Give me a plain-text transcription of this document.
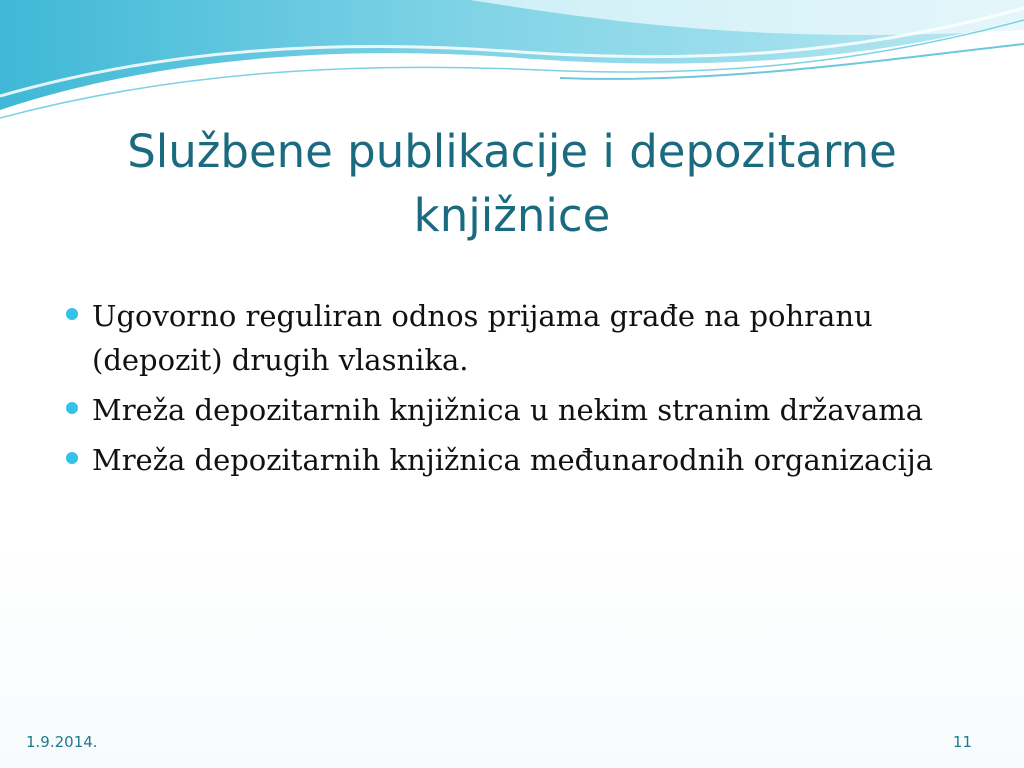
Službene publikacije i depozitarne knjižnice
Ugovorno reguliran odnos prijama građe na pohranu (depozit) drugih vlasnika.
Mreža depozitarnih knjižnica u nekim stranim državama
Mreža depozitarnih knjižnica međunarodnih organizacija
1.9.2014.	11
